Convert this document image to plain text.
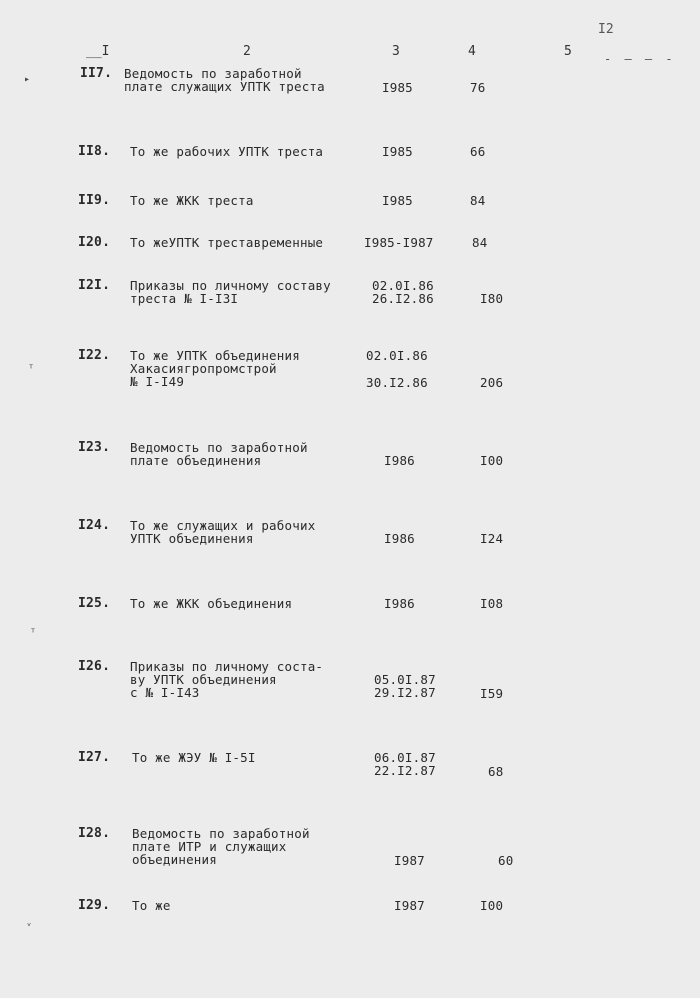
I2
- — — -
__I	2	3	4	5
▸
ᵀ
ᵀ
ᵥ
II7. Ведомость по заработной
плате служащих УПТК треста	I985	76
II8. То же рабочих УПТК треста	I985	66
II9. То же ЖКК треста	I985	84
I20. То жеУПТК треставременные	I985-I987	84
I2I. Приказы по личному составу
треста № I-I3I
02.0I.86
26.I2.86	I80
I22. То же УПТК объединения
Хакасиягропромстрой
№ I-I49
02.0I.86
30.I2.86	206
I23. Ведомость по заработной
плате объединения	I986	I00
I24. То же служащих и рабочих
УПТК объединения	I986	I24
I25. То же ЖКК объединения	I986	I08
I26. Приказы по личному соста-
ву УПТК объединения
с № I-I43
05.0I.87
29.I2.87	I59
I27. То же ЖЭУ № I-5I	06.0I.87
22.I2.87	68
I28. Ведомость по заработной
плате ИТР и служащих
объединения	I987	60
I29. То же	I987	I00
